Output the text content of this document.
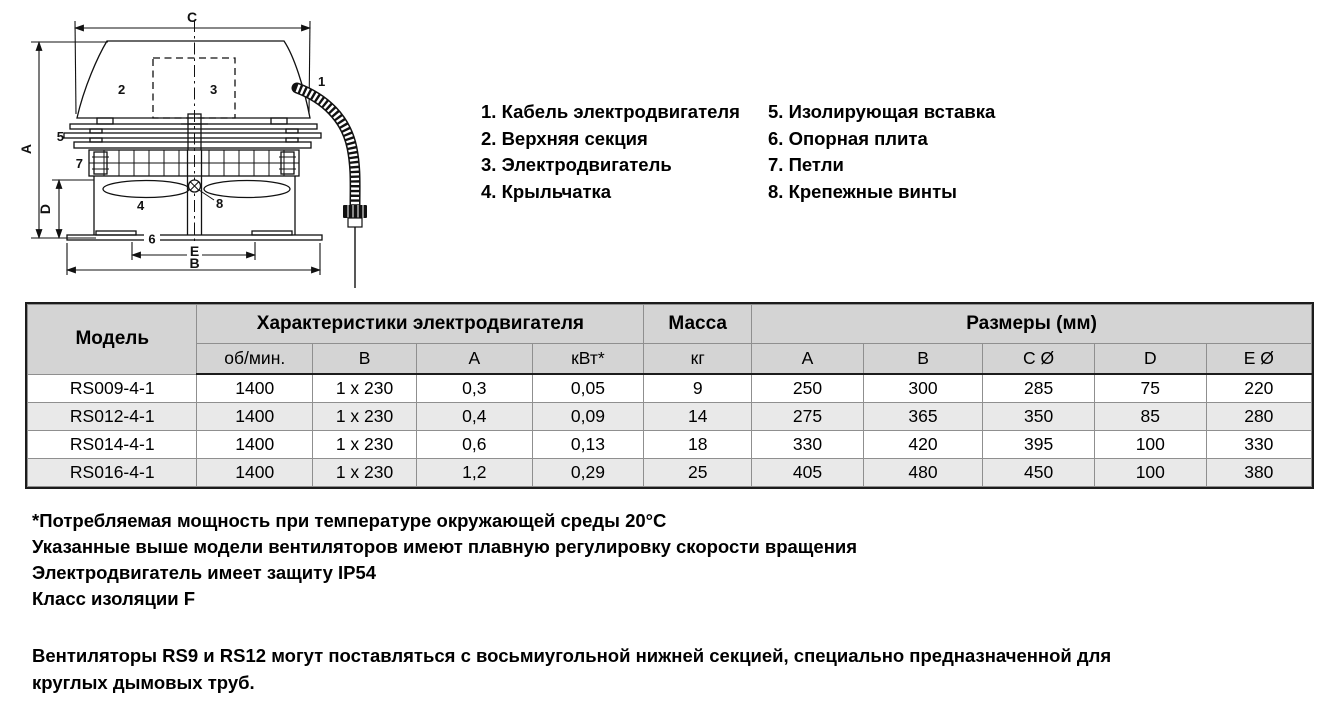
C
A
D
E
B
1
2	3
4
5
6
7
8
1. Кабель электродвигателя
2. Верхняя секция
3. Электродвигатель
4. Крыльчатка
5. Изолирующая вставка
6. Опорная плита
7. Петли
8. Крепежные винты
Модель	Характеристики электродвигателя				Масса	Размеры (мм)				
	об/мин.	В	А	кВт*	кг	A	B	C Ø	D	E Ø
RS009-4-1	1400	1 x 230	0,3	0,05	9	250	300	285	75	220
RS012-4-1	1400	1 x 230	0,4	0,09	14	275	365	350	85	280
RS014-4-1	1400	1 x 230	0,6	0,13	18	330	420	395	100	330
RS016-4-1	1400	1 x 230	1,2	0,29	25	405	480	450	100	380
*Потребляемая мощность при температуре окружающей среды 20°C
Указанные выше модели вентиляторов имеют плавную регулировку скорости вращения
Электродвигатель имеет защиту IP54
Класс изоляции F
Вентиляторы RS9 и RS12 могут поставляться с восьмиугольной нижней секцией, специально предназначенной для круглых дымовых труб.
